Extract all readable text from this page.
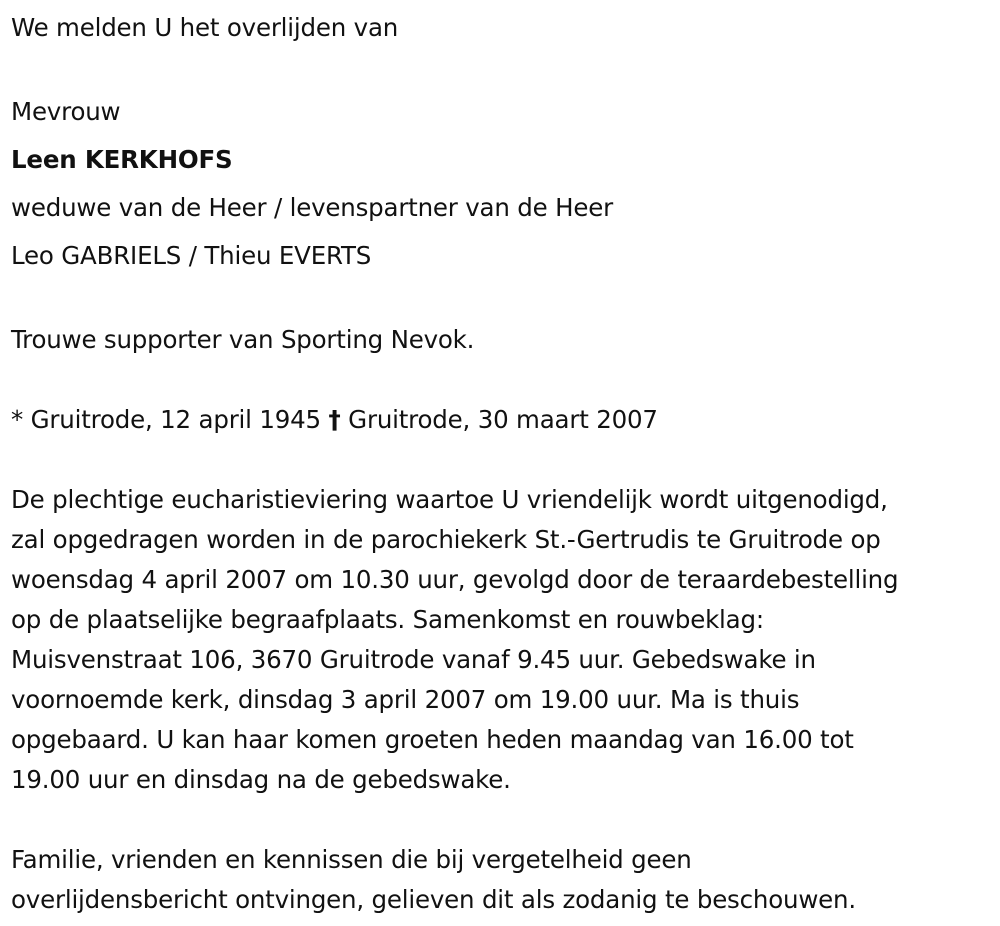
We melden U het overlijden van
Mevrouw
Leen KERKHOFS
weduwe van de Heer / levenspartner van de Heer
Leo GABRIELS / Thieu EVERTS
Trouwe supporter van Sporting Nevok.
* Gruitrode, 12 april 1945 † Gruitrode, 30 maart 2007
De plechtige eucharistieviering waartoe U vriendelijk wordt uitgenodigd,
zal opgedragen worden in de parochiekerk St.-Gertrudis te Gruitrode op
woensdag 4 april 2007 om 10.30 uur, gevolgd door de teraardebestelling
op de plaatselijke begraafplaats. Samenkomst en rouwbeklag:
Muisvenstraat 106, 3670 Gruitrode vanaf 9.45 uur. Gebedswake in
voornoemde kerk, dinsdag 3 april 2007 om 19.00 uur. Ma is thuis
opgebaard. U kan haar komen groeten heden maandag van 16.00 tot
19.00 uur en dinsdag na de gebedswake.
Familie, vrienden en kennissen die bij vergetelheid geen
overlijdensbericht ontvingen, gelieven dit als zodanig te beschouwen.
